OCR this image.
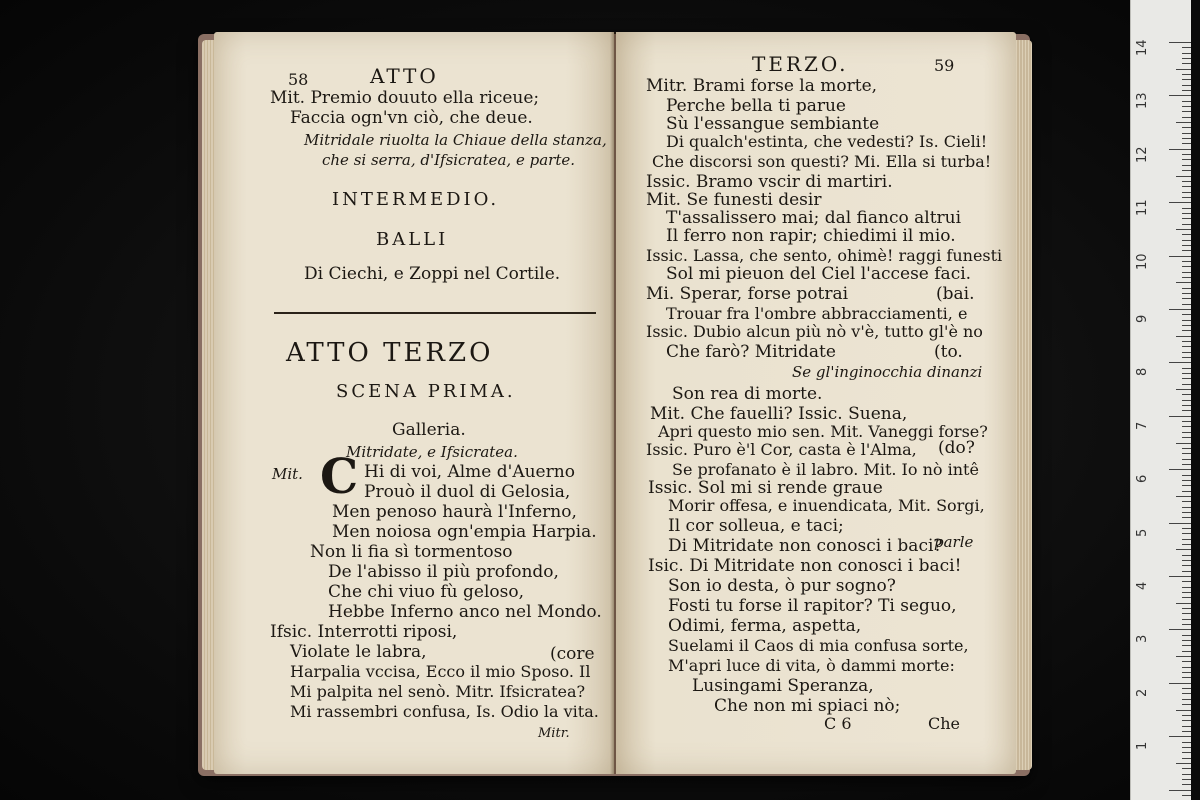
58	ATTO
Mit. Premio douuto ella riceue;
Faccia ogn'vn ciò, che deue.
Mitridale riuolta la Chiaue della stanza,
che si serra, d'Ifsicratea, e parte.
INTERMEDIO.
BALLI
Di Ciechi, e Zoppi nel Cortile.
ATTO TERZO
SCENA PRIMA.
Galleria.
Mitridate, e Ifsicratea.
Mit. C Hi di voi, Alme d'Auerno
Prouò il duol di Gelosia,
Men penoso haurà l'Inferno,
Men noiosa ogn'empia Harpia.
Non li fia sì tormentoso
De l'abisso il più profondo,
Che chi viuo fù geloso,
Hebbe Inferno anco nel Mondo.
Ifsic. Interrotti riposi,
Violate le labra,	(core
Harpalia vccisa, Ecco il mio Sposo. Il
Mi palpita nel senò. Mitr. Ifsicratea?
Mi rassembri confusa, Is. Odio la vita.
Mitr.
TERZO.	59
Mitr. Brami forse la morte,
Perche bella ti parue
Sù l'essangue sembiante
Di qualch'estinta, che vedesti? Is. Cieli!
Che discorsi son questi? Mi. Ella si turba!
Issic. Bramo vscir di martiri.
Mit. Se funesti desir
T'assalissero mai; dal fianco altrui
Il ferro non rapir; chiedimi il mio.
Issic. Lassa, che sento, ohimè! raggi funesti
Sol mi pieuon del Ciel l'accese faci.
Mi. Sperar, forse potrai	(bai.
Trouar fra l'ombre abbracciamenti, e
Issic. Dubio alcun più nò v'è, tutto gl'è no
Che farò? Mitridate	(to.
Se gl'inginocchia dinanzi
Son rea di morte.
Mit. Che fauelli? Issic. Suena,
Apri questo mio sen. Mit. Vaneggi forse?
Issic. Puro è'l Cor, casta è l'Alma, (do?
Se profanato è il labro. Mit. Io nò intê
Issic. Sol mi si rende graue
Morir offesa, e inuendicata, Mit. Sorgi,
Il cor solleua, e taci;
Di Mitridate non conosci i baci?
parle
Isic. Di Mitridate non conosci i baci!
Son io desta, ò pur sogno?
Fosti tu forse il rapitor? Ti seguo,
Odimi, ferma, aspetta,
Suelami il Caos di mia confusa sorte,
M'apri luce di vita, ò dammi morte:
Lusingami Speranza,
Che non mi spiaci nò;
C 6	Che
14
13
12
11
10
9
8
7
6
5
4
3
2
1
